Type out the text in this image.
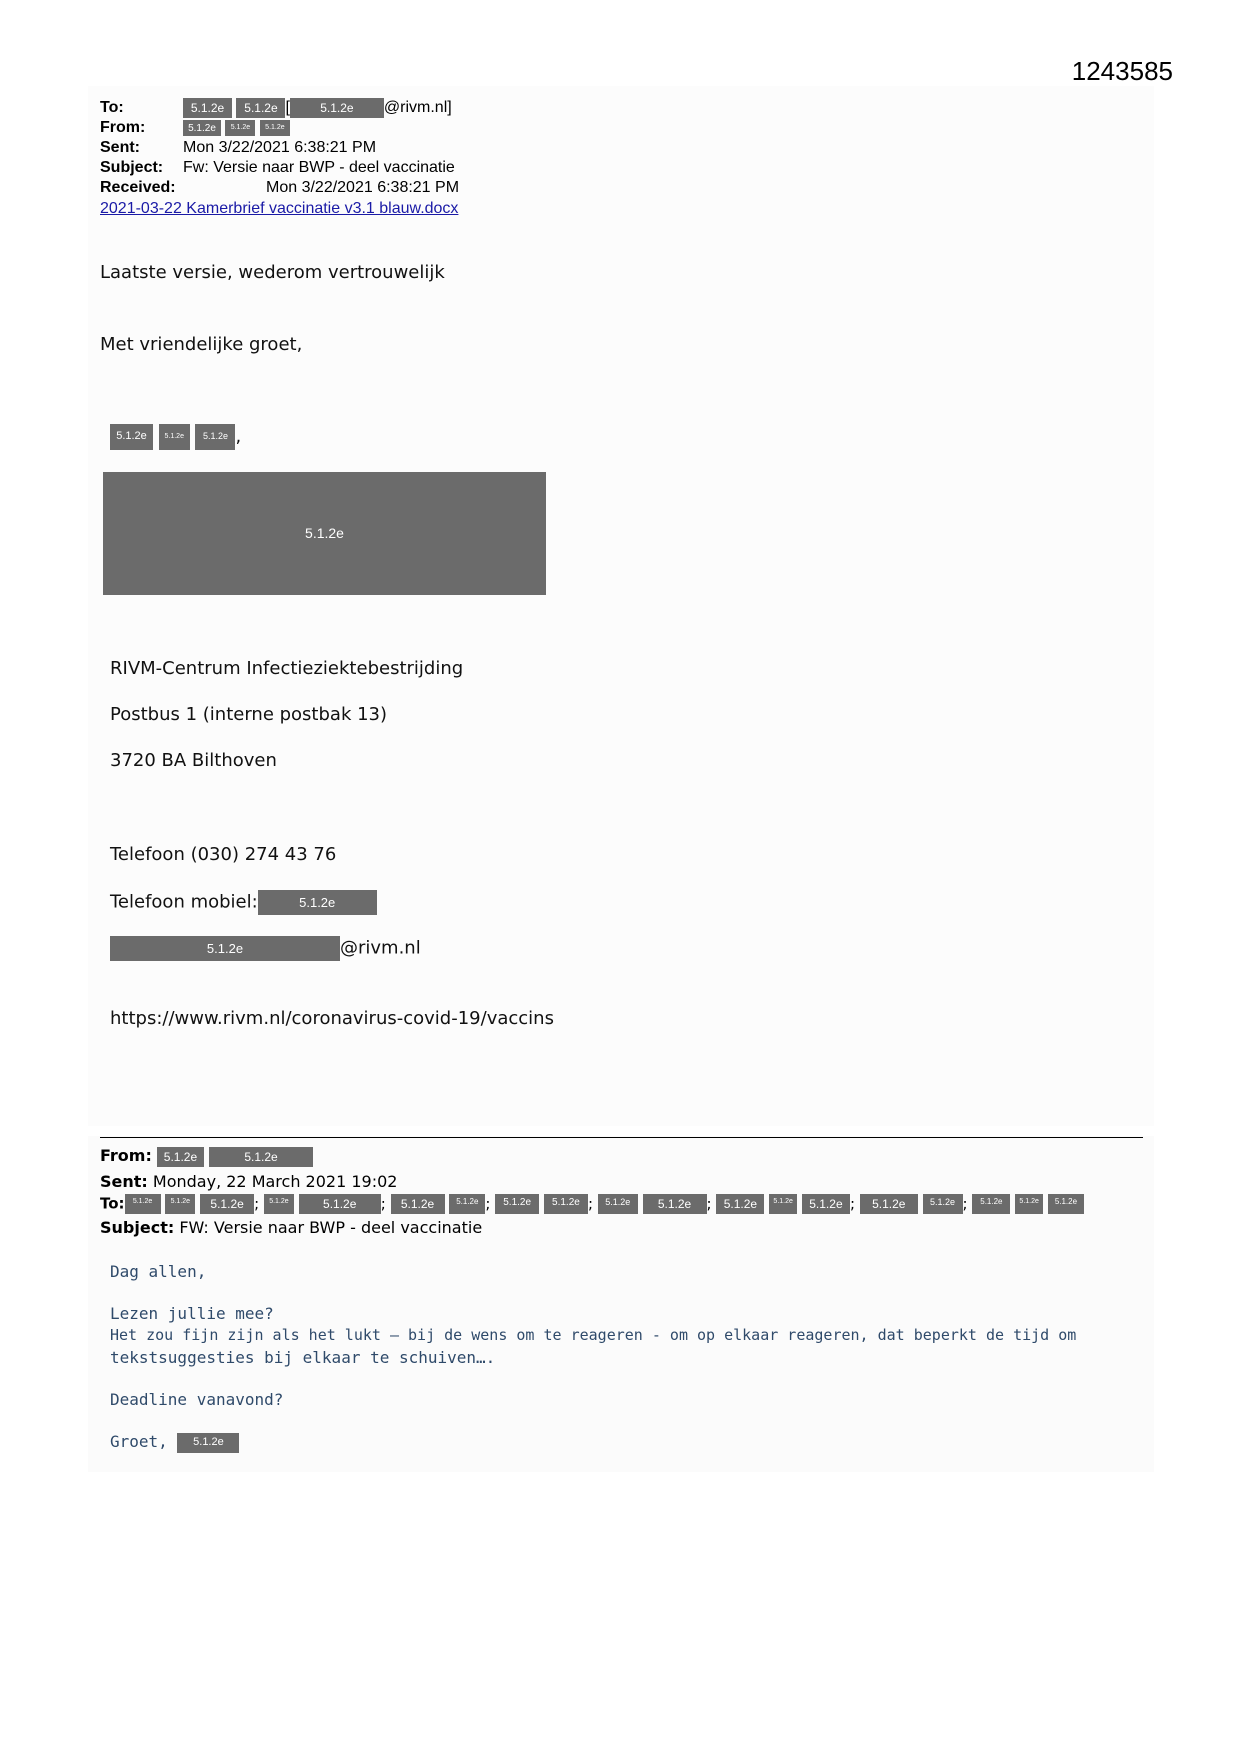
1243585
To:	5.1.2e 5.1.2e [	5.1.2e @rivm.nl]
From:	5.1.2e 5.1.2e 5.1.2e
Sent:	Mon 3/22/2021 6:38:21 PM
Subject: Fw: Versie naar BWP - deel vaccinatie
Received:	Mon 3/22/2021 6:38:21 PM
2021-03-22 Kamerbrief vaccinatie v3.1 blauw.docx
Laatste versie, wederom vertrouwelijk
Met vriendelijke groet,
5.1.2e	5.1.2e 5.1.2e ,
5.1.2e
RIVM-Centrum Infectieziektebestrijding
Postbus 1 (interne postbak 13)
3720 BA Bilthoven
Telefoon (030) 274 43 76
Telefoon mobiel:	5.1.2e
5.1.2e	@rivm.nl
https://www.rivm.nl/coronavirus-covid-19/vaccins
From: 5.1.2e	5.1.2e
Sent: Monday, 22 March 2021 19:02
To: 5.1.2e	5.1.2e 5.1.2e ; 5.1.2e	5.1.2e ; 5.1.2e	5.1.2e ; 5.1.2e 5.1.2e ; 5.1.2e 5.1.2e ; 5.1.2e 5.1.2e 5.1.2e ; 5.1.2e	5.1.2e ; 5.1.2e 5.1.2e 5.1.2e
Subject: FW: Versie naar BWP - deel vaccinatie
Dag allen,
Lezen jullie mee?
Het zou fijn zijn als het lukt – bij de wens om te reageren - om op elkaar reageren, dat beperkt de tijd om
tekstsuggesties bij elkaar te schuiven….
Deadline vanavond?
Groet, 5.1.2e
